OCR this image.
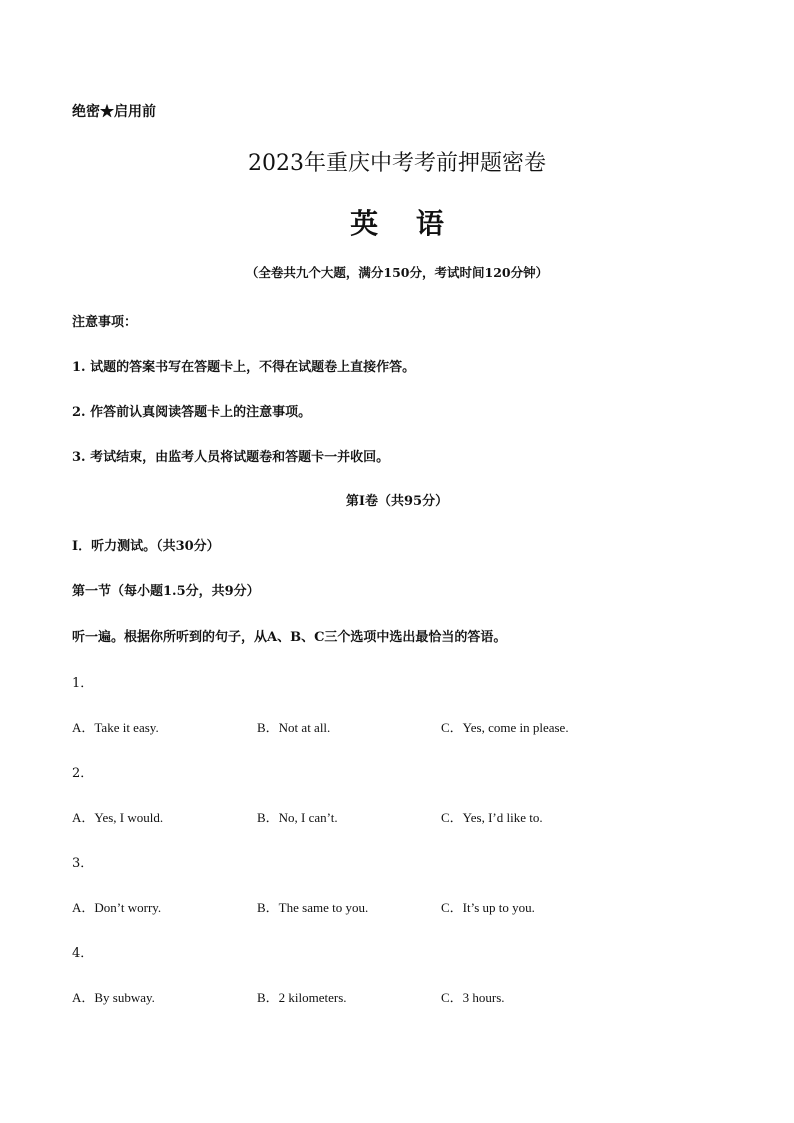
绝密★启用前
2023年重庆中考考前押题密卷
英 语
（全卷共九个大题，满分150分，考试时间120分钟）
注意事项：
1. 试题的答案书写在答题卡上，不得在试题卷上直接作答。
2. 作答前认真阅读答题卡上的注意事项。
3. 考试结束，由监考人员将试题卷和答题卡一并收回。
第I卷（共95分）
I．听力测试。（共30分）
第一节（每小题1.5分，共9分）
听一遍。根据你所听到的句子，从A、B、C三个选项中选出最恰当的答语。
1．
A．Take it easy.	B．Not at all.	C．Yes, come in please.
2．
A．Yes, I would.	B．No, I can’t.	C．Yes, I’d like to.
3．
A．Don’t worry.	B．The same to you.	C．It’s up to you.
4．
A．By subway.	B．2 kilometers.	C．3 hours.
